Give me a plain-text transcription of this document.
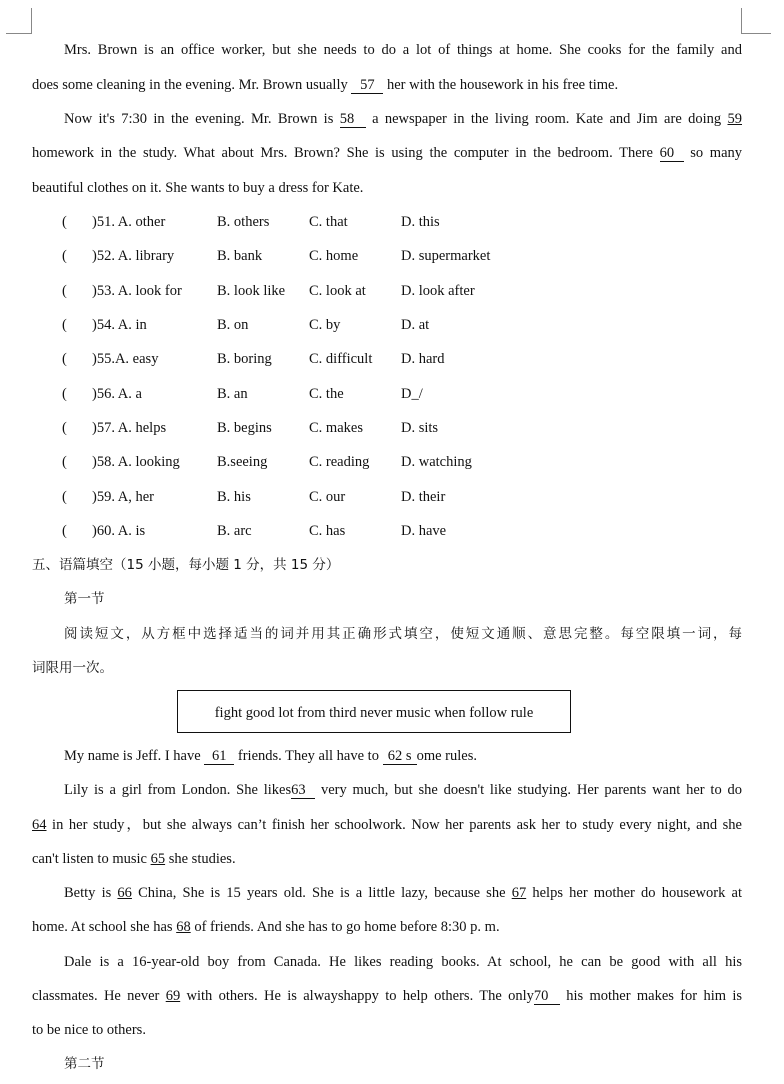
Mrs. Brown is an office worker, but she needs to do a lot of things at home. She cooks for the family and
does some cleaning in the evening. Mr. Brown usually 57 her with the housework in his free time.
Now it's 7:30 in the evening. Mr. Brown is 58 a newspaper in the living room. Kate and Jim are doing 59
homework in the study. What about Mrs. Brown? She is using the computer in the bedroom. There 60 so many
beautiful clothes on it. She wants to buy a dress for Kate.
( )51. A. other	B. others	C. that	D. this
( )52. A. library	B. bank	C. home	D. supermarket
( )53. A. look for B. look like C. look at D. look after
( )54. A. in	B. on	C. by	D. at
( )55.A. easy	B. boring	C. difficult D. hard
( )56. A. a	B. an	C. the	D_/
( )57. A. helps	B. begins	C. makes	D. sits
( )58. A. looking	B.seeing	C. reading D. watching
( )59. A, her	B. his	C. our	D. their
( )60. A. is	B. arc	C. has	D. have
五、语篇填空（15 小题，每小题 1 分，共 15 分）
第一节
阅读短文，从方框中选择适当的词并用其正确形式填空，使短文通顺、意思完整。每空限填一词，每
词限用一次。
fight good lot from third never music when follow rule
My name is Jeff. I have 61 friends. They all have to 62 s ome rules.
Lily is a girl from London. She likes63 very much, but she doesn't like studying. Her parents want her to do
64 in her study，but she always can’t finish her schoolwork. Now her parents ask her to study every night, and she
can't listen to music 65 she studies.
Betty is 66 China, She is 15 years old. She is a little lazy, because she 67 helps her mother do housework at
home. At school she has 68 of friends. And she has to go home before 8:30 p. m.
Dale is a 16-year-old boy from Canada. He likes reading books. At school, he can be good with all his
classmates. He never 69 with others. He is alwayshappy to help others. The only70 his mother makes for him is
to be nice to others.
第二节
